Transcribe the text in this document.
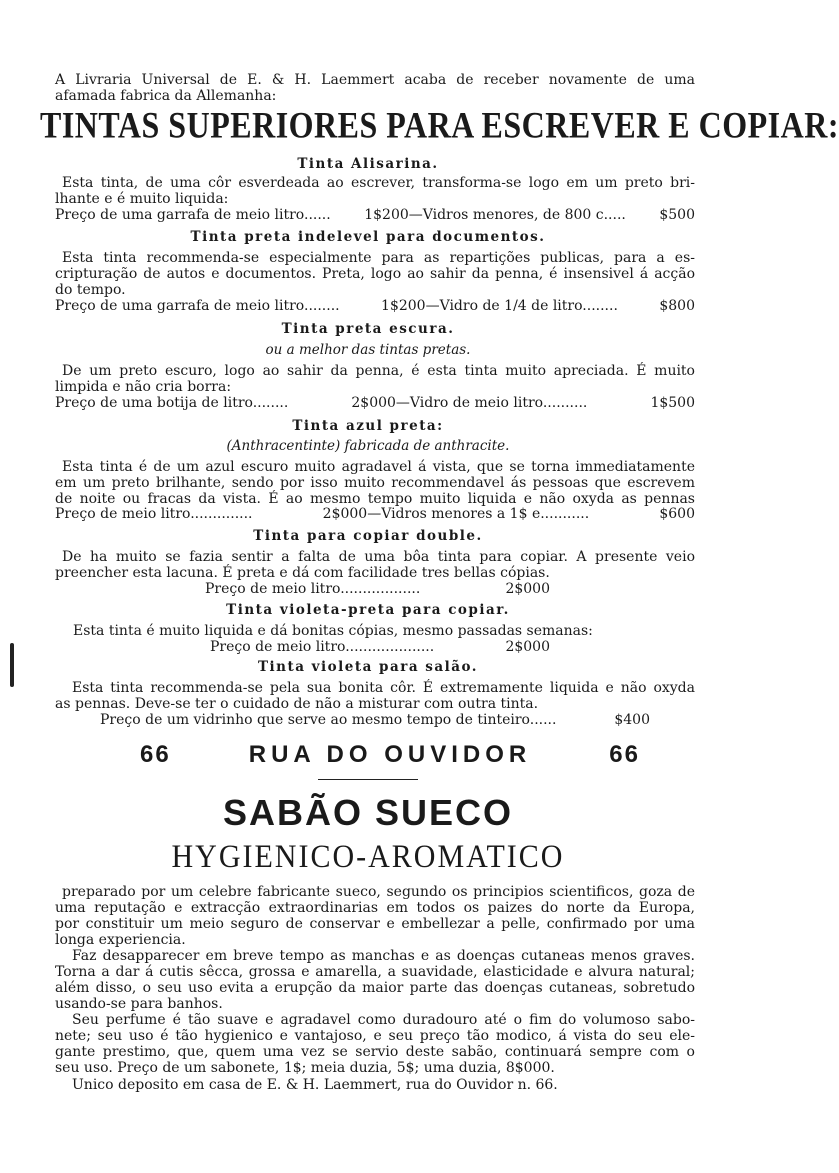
A Livraria Universal de E. & H. Laemmert acaba de receber novamente de uma
afamada fabrica da Allemanha:
TINTAS SUPERIORES PARA ESCREVER E COPIAR:
Tinta Alisarina.
Esta tinta, de uma côr esverdeada ao escrever, transforma-se logo em um preto bri-
lhante e é muito liquida:
Preço de uma garrafa de meio litro...... 1$200—Vidros menores, de 800 c..... $500
Tinta preta indelevel para documentos.
Esta tinta recommenda-se especialmente para as repartições publicas, para a es-
cripturação de autos e documentos. Preta, logo ao sahir da penna, é insensivel á acção
do tempo.
Preço de uma garrafa de meio litro........	1$200—Vidro de 1/4 de litro........	$800
Tinta preta escura.
ou a melhor das tintas pretas.
De um preto escuro, logo ao sahir da penna, é esta tinta muito apreciada. É muito
limpida e não cria borra:
Preço de uma botija de litro........	2$000—Vidro de meio litro..........	1$500
Tinta azul preta:
(Anthracentinte) fabricada de anthracite.
Esta tinta é de um azul escuro muito agradavel á vista, que se torna immediatamente
em um preto brilhante, sendo por isso muito recommendavel ás pessoas que escrevem
de noite ou fracas da vista. É ao mesmo tempo muito liquida e não oxyda as pennas
Preço de meio litro..............	2$000—Vidros menores a 1$ e...........	$600
Tinta para copiar double.
De ha muito se fazia sentir a falta de uma bôa tinta para copiar. A presente veio
preencher esta lacuna. É preta e dá com facilidade tres bellas cópias.
Preço de meio litro..................	2$000
Tinta violeta-preta para copiar.
Esta tinta é muito liquida e dá bonitas cópias, mesmo passadas semanas:
Preço de meio litro....................	2$000
Tinta violeta para salão.
Esta tinta recommenda-se pela sua bonita côr. É extremamente liquida e não oxyda
as pennas. Deve-se ter o cuidado de não a misturar com outra tinta.
Preço de um vidrinho que serve ao mesmo tempo de tinteiro......	$400
66	RUA DO OUVIDOR	66
SABÃO SUECO
HYGIENICO-AROMATICO
preparado por um celebre fabricante sueco, segundo os principios scientificos, goza de
uma reputação e extracção extraordinarias em todos os paizes do norte da Europa,
por constituir um meio seguro de conservar e embellezar a pelle, confirmado por uma
longa experiencia.
Faz desapparecer em breve tempo as manchas e as doenças cutaneas menos graves.
Torna a dar á cutis sêcca, grossa e amarella, a suavidade, elasticidade e alvura natural;
além disso, o seu uso evita a erupção da maior parte das doenças cutaneas, sobretudo
usando-se para banhos.
Seu perfume é tão suave e agradavel como duradouro até o fim do volumoso sabo-
nete; seu uso é tão hygienico e vantajoso, e seu preço tão modico, á vista do seu ele-
gante prestimo, que, quem uma vez se servio deste sabão, continuará sempre com o
seu uso. Preço de um sabonete, 1$; meia duzia, 5$; uma duzia, 8$000.
Unico deposito em casa de E. & H. Laemmert, rua do Ouvidor n. 66.
